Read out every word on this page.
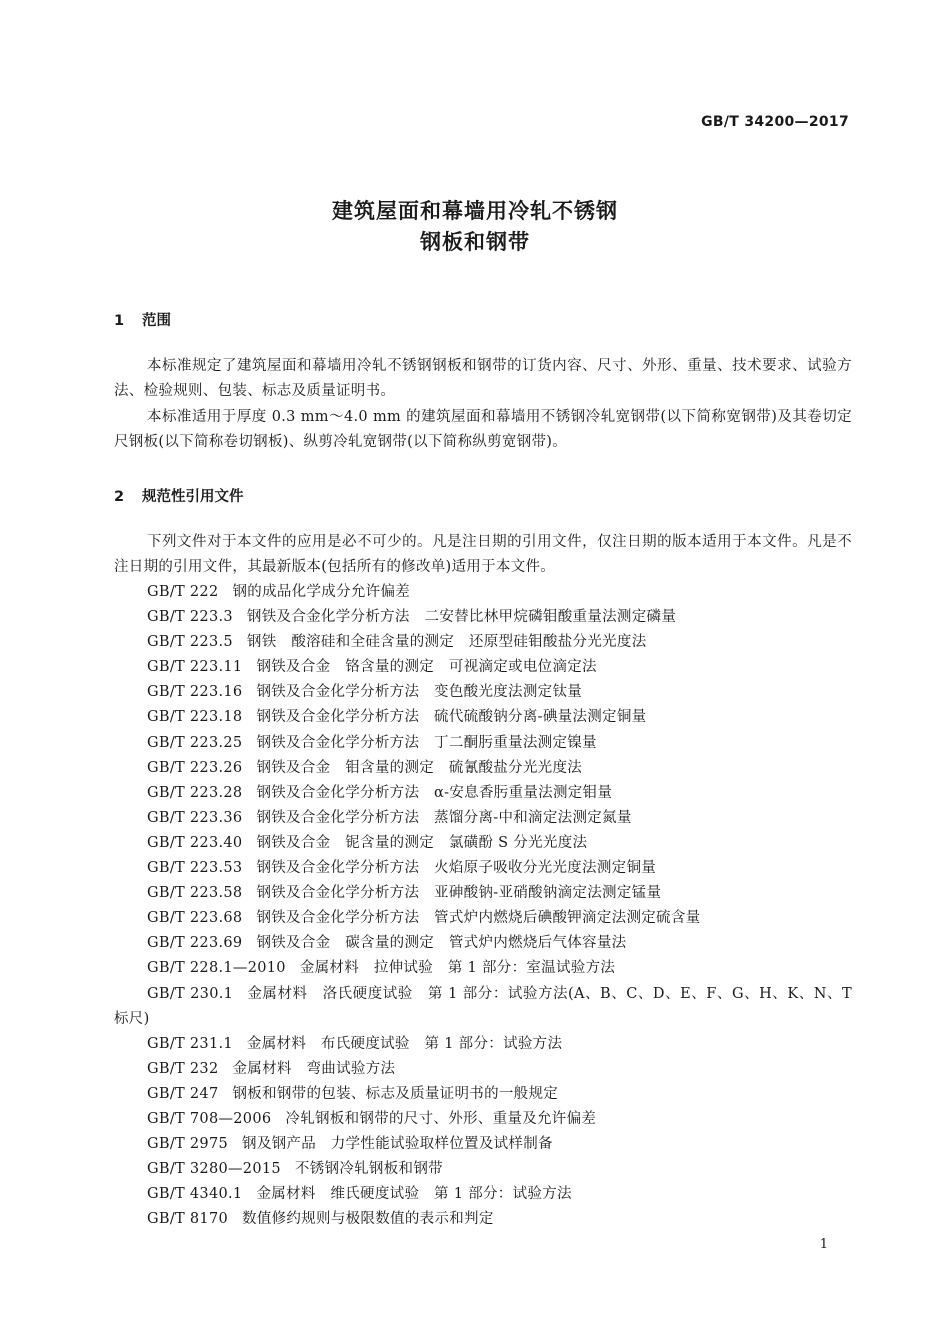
GB/T 34200—2017
建筑屋面和幕墙用冷轧不锈钢
钢板和钢带
1 范围

本标准规定了建筑屋面和幕墙用冷轧不锈钢钢板和钢带的订货内容、尺寸、外形、重量、技术要求、试验方法、检验规则、包装、标志及质量证明书。

本标准适用于厚度 0.3 mm～4.0 mm 的建筑屋面和幕墙用不锈钢冷轧宽钢带(以下简称宽钢带)及其卷切定尺钢板(以下简称卷切钢板)、纵剪冷轧宽钢带(以下简称纵剪宽钢带)。

2 规范性引用文件

下列文件对于本文件的应用是必不可少的。凡是注日期的引用文件，仅注日期的版本适用于本文件。凡是不注日期的引用文件，其最新版本(包括所有的修改单)适用于本文件。

GB/T 222 钢的成品化学成分允许偏差
GB/T 223.3 钢铁及合金化学分析方法　二安替比林甲烷磷钼酸重量法测定磷量
GB/T 223.5 钢铁　酸溶硅和全硅含量的测定　还原型硅钼酸盐分光光度法
GB/T 223.11 钢铁及合金　铬含量的测定　可视滴定或电位滴定法
GB/T 223.16 钢铁及合金化学分析方法　变色酸光度法测定钛量
GB/T 223.18 钢铁及合金化学分析方法　硫代硫酸钠分离-碘量法测定铜量
GB/T 223.25 钢铁及合金化学分析方法　丁二酮肟重量法测定镍量
GB/T 223.26 钢铁及合金　钼含量的测定　硫氰酸盐分光光度法
GB/T 223.28 钢铁及合金化学分析方法　α-安息香肟重量法测定钼量
GB/T 223.36 钢铁及合金化学分析方法　蒸馏分离-中和滴定法测定氮量
GB/T 223.40 钢铁及合金　铌含量的测定　氯磺酚 S 分光光度法
GB/T 223.53 钢铁及合金化学分析方法　火焰原子吸收分光光度法测定铜量
GB/T 223.58 钢铁及合金化学分析方法　亚砷酸钠-亚硝酸钠滴定法测定锰量
GB/T 223.68 钢铁及合金化学分析方法　管式炉内燃烧后碘酸钾滴定法测定硫含量
GB/T 223.69 钢铁及合金　碳含量的测定　管式炉内燃烧后气体容量法
GB/T 228.1—2010 金属材料　拉伸试验　第 1 部分：室温试验方法
GB/T 230.1 金属材料　洛氏硬度试验　第 1 部分：试验方法(A、B、C、D、E、F、G、H、K、N、T 标尺)
GB/T 231.1 金属材料　布氏硬度试验　第 1 部分：试验方法
GB/T 232 金属材料　弯曲试验方法
GB/T 247 钢板和钢带的包装、标志及质量证明书的一般规定
GB/T 708—2006 冷轧钢板和钢带的尺寸、外形、重量及允许偏差
GB/T 2975 钢及钢产品　力学性能试验取样位置及试样制备
GB/T 3280—2015 不锈钢冷轧钢板和钢带
GB/T 4340.1 金属材料　维氏硬度试验　第 1 部分：试验方法
GB/T 8170 数值修约规则与极限数值的表示和判定
1
